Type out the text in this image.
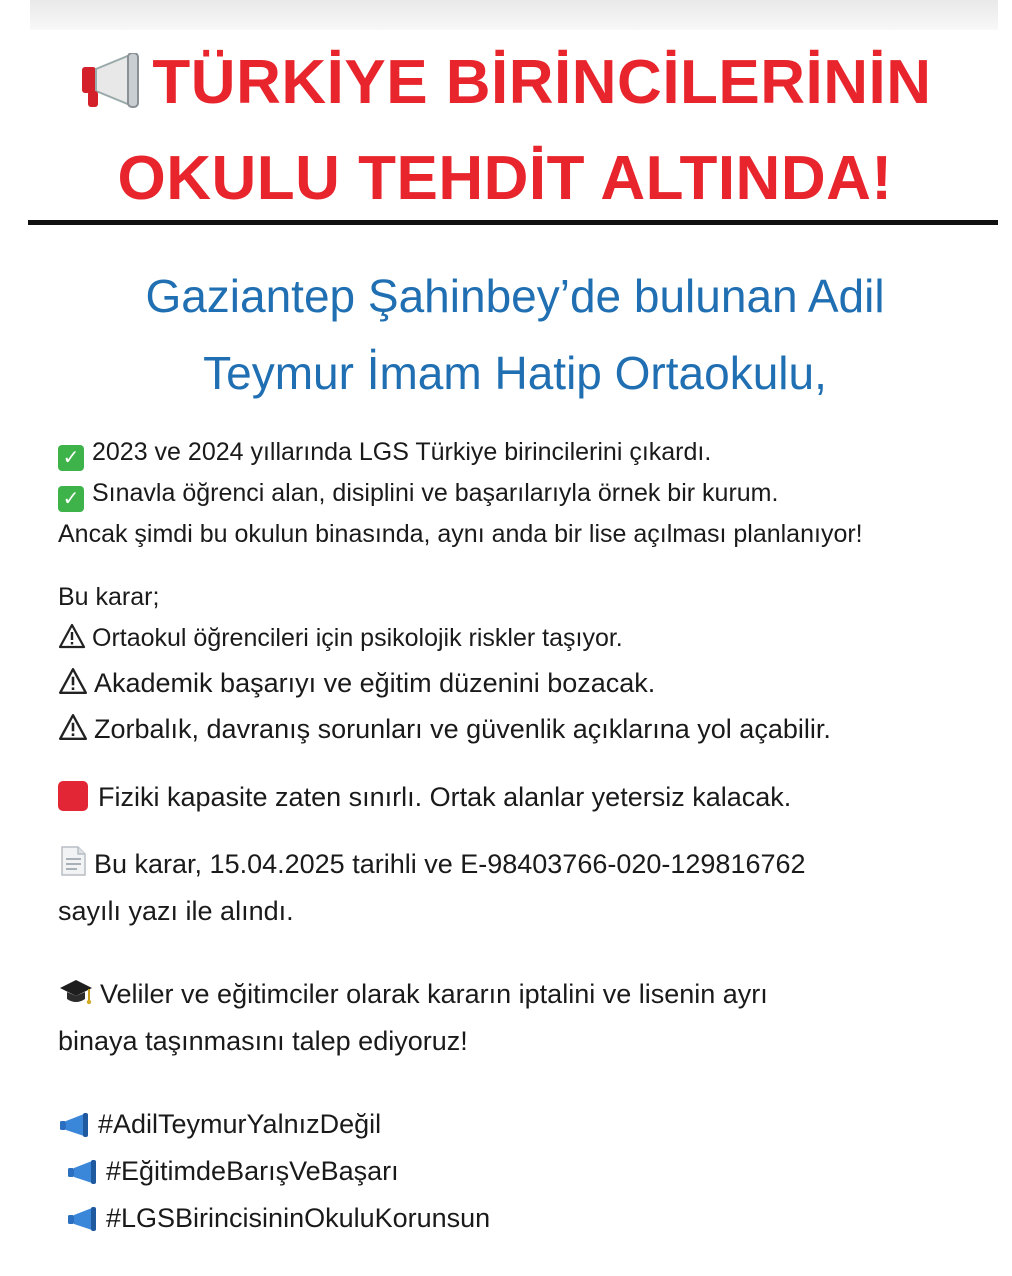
TÜRKİYE BİRİNCİLERİNİN
OKULU TEHDİT ALTINDA!
Gaziantep Şahinbey’de bulunan Adil
Teymur İmam Hatip Ortaokulu,
✓ 2023 ve 2024 yıllarında LGS Türkiye birincilerini çıkardı.
✓ Sınavla öğrenci alan, disiplini ve başarılarıyla örnek bir kurum.
Ancak şimdi bu okulun binasında, aynı anda bir lise açılması planlanıyor!
Bu karar;
Ortaokul öğrencileri için psikolojik riskler taşıyor.
Akademik başarıyı ve eğitim düzenini bozacak.
Zorbalık, davranış sorunları ve güvenlik açıklarına yol açabilir.
Fiziki kapasite zaten sınırlı. Ortak alanlar yetersiz kalacak.
Bu karar, 15.04.2025 tarihli ve E-98403766-020-129816762
sayılı yazı ile alındı.
Veliler ve eğitimciler olarak kararın iptalini ve lisenin ayrı
binaya taşınmasını talep ediyoruz!
#AdilTeymurYalnızDeğil
#EğitimdeBarışVeBaşarı
#LGSBirincisininOkuluKorunsun
